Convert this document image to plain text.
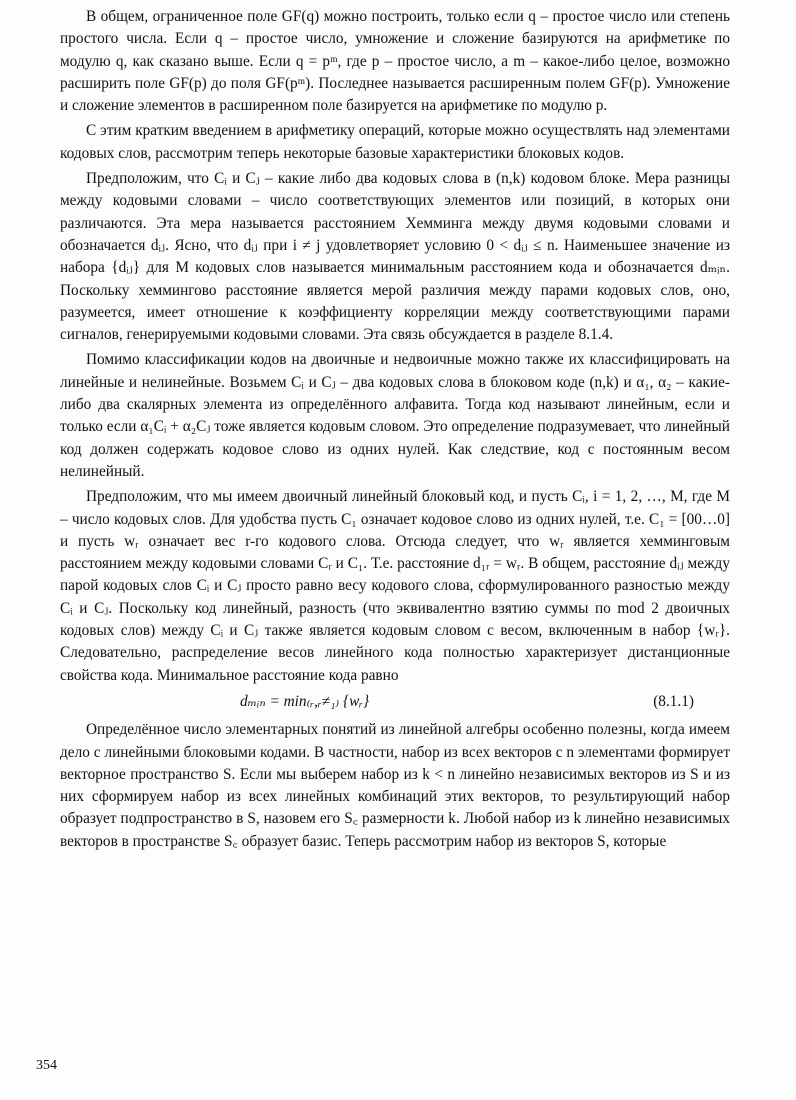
В общем, ограниченное поле GF(q) можно построить, только если q – простое число или степень простого числа. Если q – простое число, умножение и сложение базируются на арифметике по модулю q, как сказано выше. Если q = pᵐ, где p – простое число, а m – какое-либо целое, возможно расширить поле GF(p) до поля GF(pᵐ). Последнее называется расширенным полем GF(p). Умножение и сложение элементов в расширенном поле базируется на арифметике по модулю p.

С этим кратким введением в арифметику операций, которые можно осуществлять над элементами кодовых слов, рассмотрим теперь некоторые базовые характеристики блоковых кодов.

Предположим, что Cᵢ и Cⱼ – какие либо два кодовых слова в (n,k) кодовом блоке. Мера разницы между кодовыми словами – число соответствующих элементов или позиций, в которых они различаются. Эта мера называется расстоянием Хемминга между двумя кодовыми словами и обозначается dᵢⱼ. Ясно, что dᵢⱼ при i ≠ j удовлетворяет условию 0 < dᵢⱼ ≤ n. Наименьшее значение из набора {dᵢⱼ} для M кодовых слов называется минимальным расстоянием кода и обозначается dₘᵢₙ. Поскольку хеммингово расстояние является мерой различия между парами кодовых слов, оно, разумеется, имеет отношение к коэффициенту корреляции между соответствующими парами сигналов, генерируемыми кодовыми словами. Эта связь обсуждается в разделе 8.1.4.

Помимо классификации кодов на двоичные и недвоичные можно также их классифицировать на линейные и нелинейные. Возьмем Cᵢ и Cⱼ – два кодовых слова в блоковом коде (n,k) и α₁, α₂ – какие-либо два скалярных элемента из определённого алфавита. Тогда код называют линейным, если и только если α₁Cᵢ + α₂Cⱼ тоже является кодовым словом. Это определение подразумевает, что линейный код должен содержать кодовое слово из одних нулей. Как следствие, код с постоянным весом нелинейный.

Предположим, что мы имеем двоичный линейный блоковый код, и пусть Cᵢ, i = 1, 2, …, M, где M – число кодовых слов. Для удобства пусть C₁ означает кодовое слово из одних нулей, т.е. C₁ = [00…0] и пусть wᵣ означает вес r-го кодового слова. Отсюда следует, что wᵣ является хемминговым расстоянием между кодовыми словами Cᵣ и C₁. Т.е. расстояние d₁ᵣ = wᵣ. В общем, расстояние dᵢⱼ между парой кодовых слов Cᵢ и Cⱼ просто равно весу кодового слова, сформулированного разностью между Cᵢ и Cⱼ. Поскольку код линейный, разность (что эквивалентно взятию суммы по mod 2 двоичных кодовых слов) между Cᵢ и Cⱼ также является кодовым словом с весом, включенным в набор {wᵣ}. Следовательно, распределение весов линейного кода полностью характеризует дистанционные свойства кода. Минимальное расстояние кода равно

dₘᵢₙ = min₍ᵣ,ᵣ≠₁₎ {wᵣ}	(8.1.1)

Определённое число элементарных понятий из линейной алгебры особенно полезны, когда имеем дело с линейными блоковыми кодами. В частности, набор из всех векторов с n элементами формирует векторное пространство S. Если мы выберем набор из k < n линейно независимых векторов из S и из них сформируем набор из всех линейных комбинаций этих векторов, то результирующий набор образует подпространство в S, назовем его S꜀ размерности k. Любой набор из k линейно независимых векторов в пространстве S꜀ образует базис. Теперь рассмотрим набор из векторов S, которые

354
